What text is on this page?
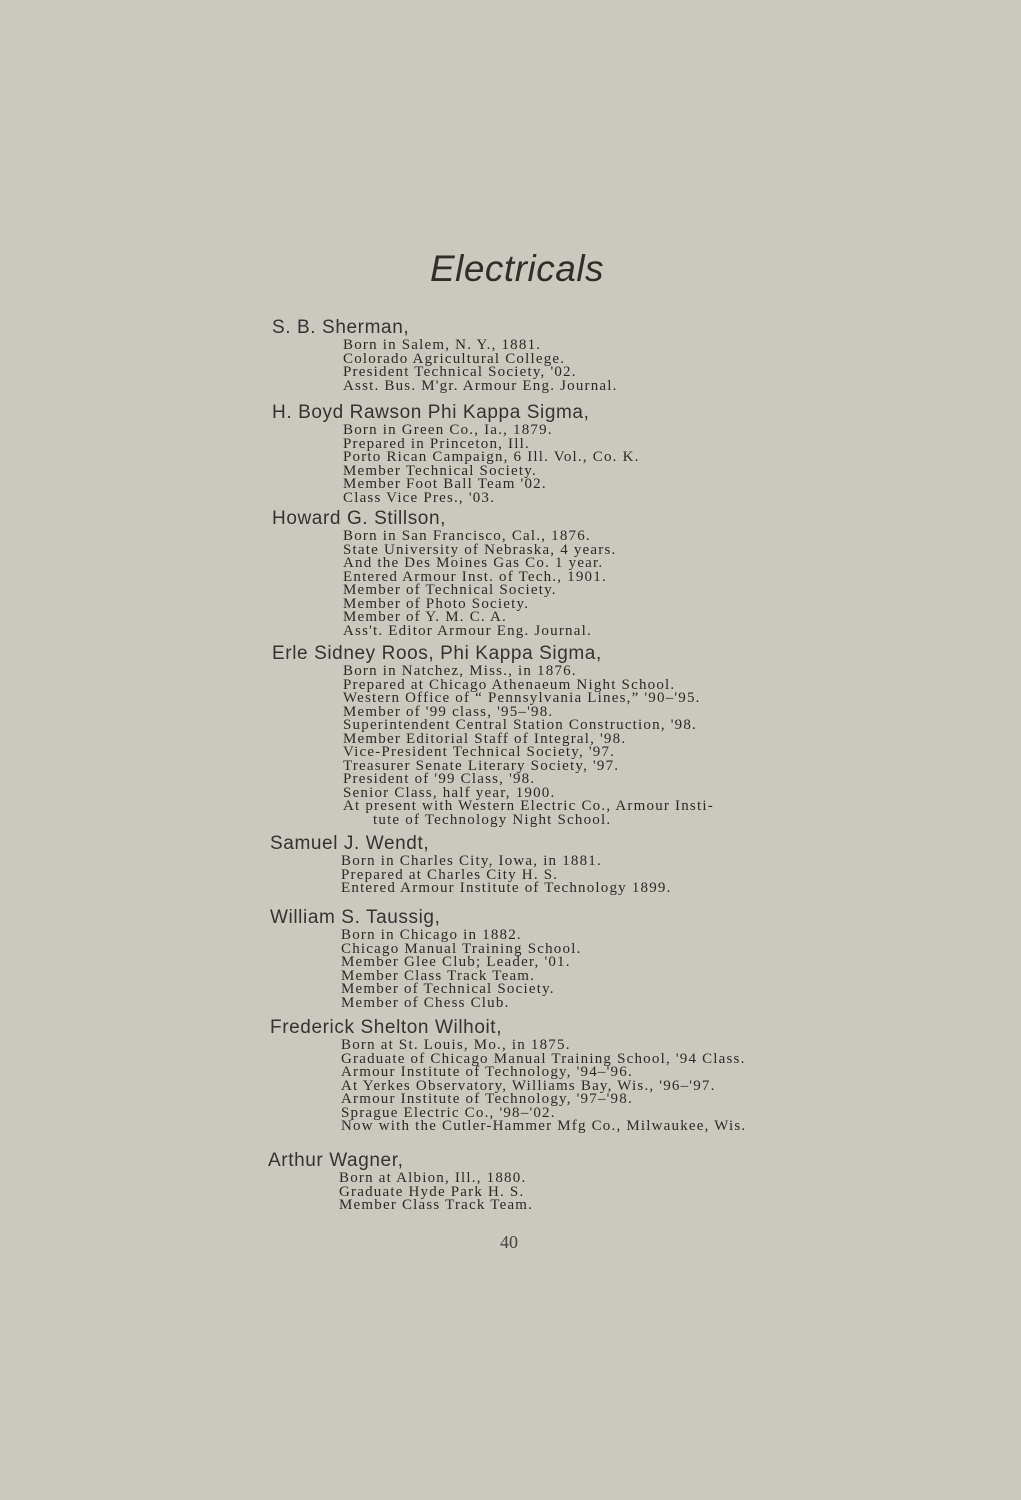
Electricals
S. B. Sherman,
Born in Salem, N. Y., 1881.
Colorado Agricultural College.
President Technical Society, '02.
Asst. Bus. M'gr. Armour Eng. Journal.
H. Boyd Rawson Phi Kappa Sigma,
Born in Green Co., Ia., 1879.
Prepared in Princeton, Ill.
Porto Rican Campaign, 6 Ill. Vol., Co. K.
Member Technical Society.
Member Foot Ball Team '02.
Class Vice Pres., '03.
Howard G. Stillson,
Born in San Francisco, Cal., 1876.
State University of Nebraska, 4 years.
And the Des Moines Gas Co. 1 year.
Entered Armour Inst. of Tech., 1901.
Member of Technical Society.
Member of Photo Society.
Member of Y. M. C. A.
Ass't. Editor Armour Eng. Journal.
Erle Sidney Roos, Phi Kappa Sigma,
Born in Natchez, Miss., in 1876.
Prepared at Chicago Athenaeum Night School.
Western Office of “ Pennsylvania Lines,” '90–'95.
Member of '99 class, '95–'98.
Superintendent Central Station Construction, '98.
Member Editorial Staff of Integral, '98.
Vice-President Technical Society, '97.
Treasurer Senate Literary Society, '97.
President of '99 Class, '98.
Senior Class, half year, 1900.
At present with Western Electric Co., Armour Insti-
tute of Technology Night School.
Samuel J. Wendt,
Born in Charles City, Iowa, in 1881.
Prepared at Charles City H. S.
Entered Armour Institute of Technology 1899.
William S. Taussig,
Born in Chicago in 1882.
Chicago Manual Training School.
Member Glee Club; Leader, '01.
Member Class Track Team.
Member of Technical Society.
Member of Chess Club.
Frederick Shelton Wilhoit,
Born at St. Louis, Mo., in 1875.
Graduate of Chicago Manual Training School, '94 Class.
Armour Institute of Technology, '94–'96.
At Yerkes Observatory, Williams Bay, Wis., '96–'97.
Armour Institute of Technology, '97–'98.
Sprague Electric Co., '98–'02.
Now with the Cutler-Hammer Mfg Co., Milwaukee, Wis.
Arthur Wagner,
Born at Albion, Ill., 1880.
Graduate Hyde Park H. S.
Member Class Track Team.
40
